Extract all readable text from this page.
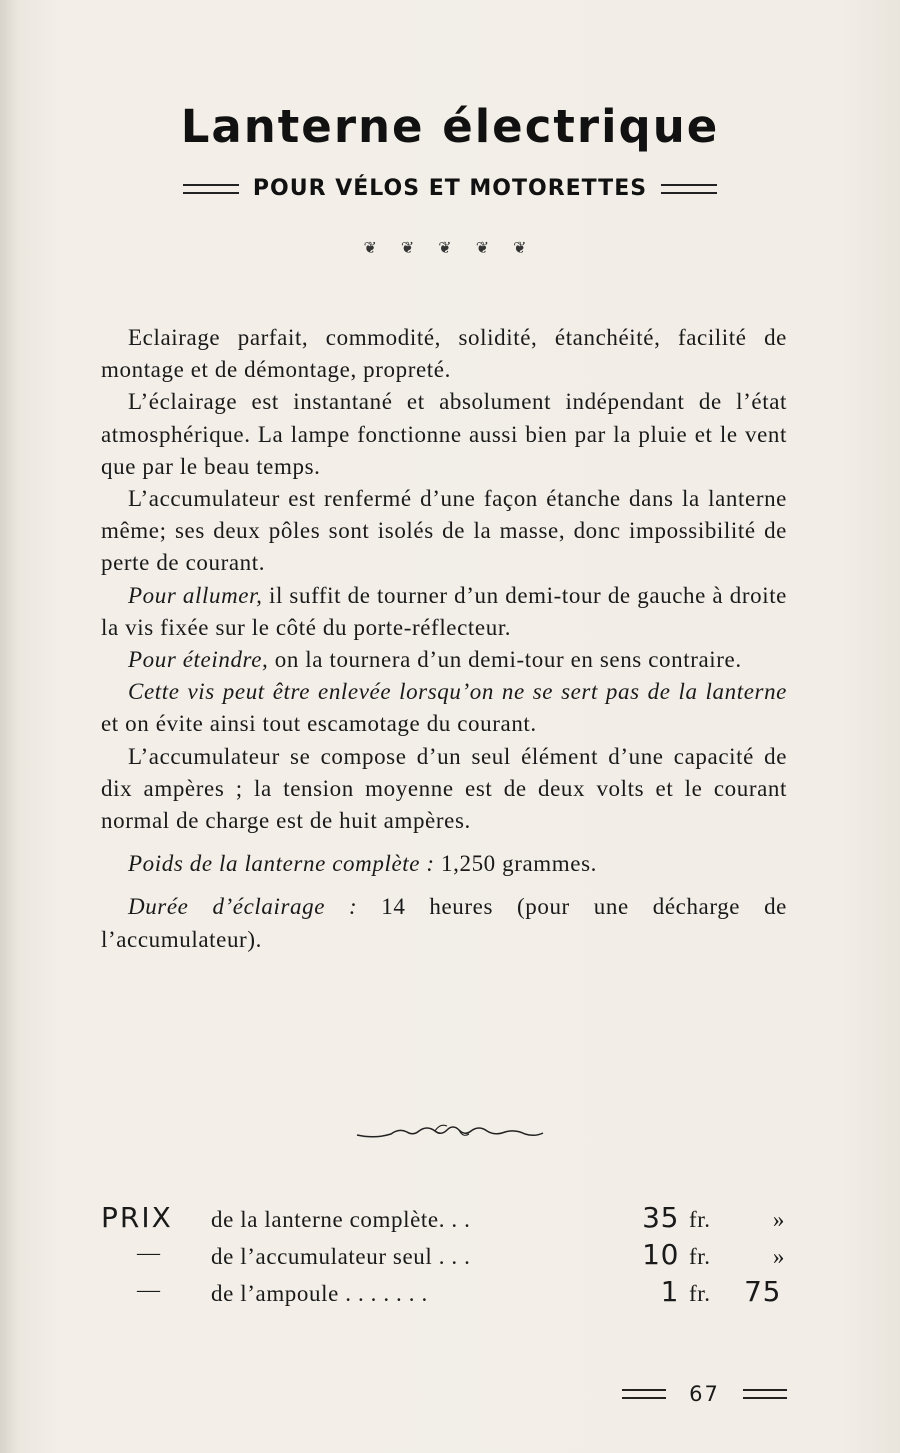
Lanterne électrique
POUR VÉLOS ET MOTORETTES
❦ ❦ ❦ ❦ ❦

Eclairage parfait, commodité, solidité, étanchéité, facilité de montage et de démontage, propreté.

L’éclairage est instantané et absolument indépendant de l’état atmosphérique. La lampe fonctionne aussi bien par la pluie et le vent que par le beau temps.

L’accumulateur est renfermé d’une façon étanche dans la lanterne même; ses deux pôles sont isolés de la masse, donc impossibilité de perte de courant.

Pour allumer, il suffit de tourner d’un demi-tour de gauche à droite la vis fixée sur le côté du porte-réflecteur.

Pour éteindre, on la tournera d’un demi-tour en sens contraire.

Cette vis peut être enlevée lorsqu’on ne se sert pas de la lanterne et on évite ainsi tout escamotage du courant.

L’accumulateur se compose d’un seul élément d’une capacité de dix ampères ; la tension moyenne est de deux volts et le courant normal de charge est de huit ampères.

Poids de la lanterne complète : 1,250 grammes.

Durée d’éclairage : 14 heures (pour une décharge de l’accumulateur).

PRIX de la lanterne complète. . .	35 fr.	»
— de l’accumulateur seul . . .	10 fr.	»
— de l’ampoule . . . . . . .	1 fr.	75
67
